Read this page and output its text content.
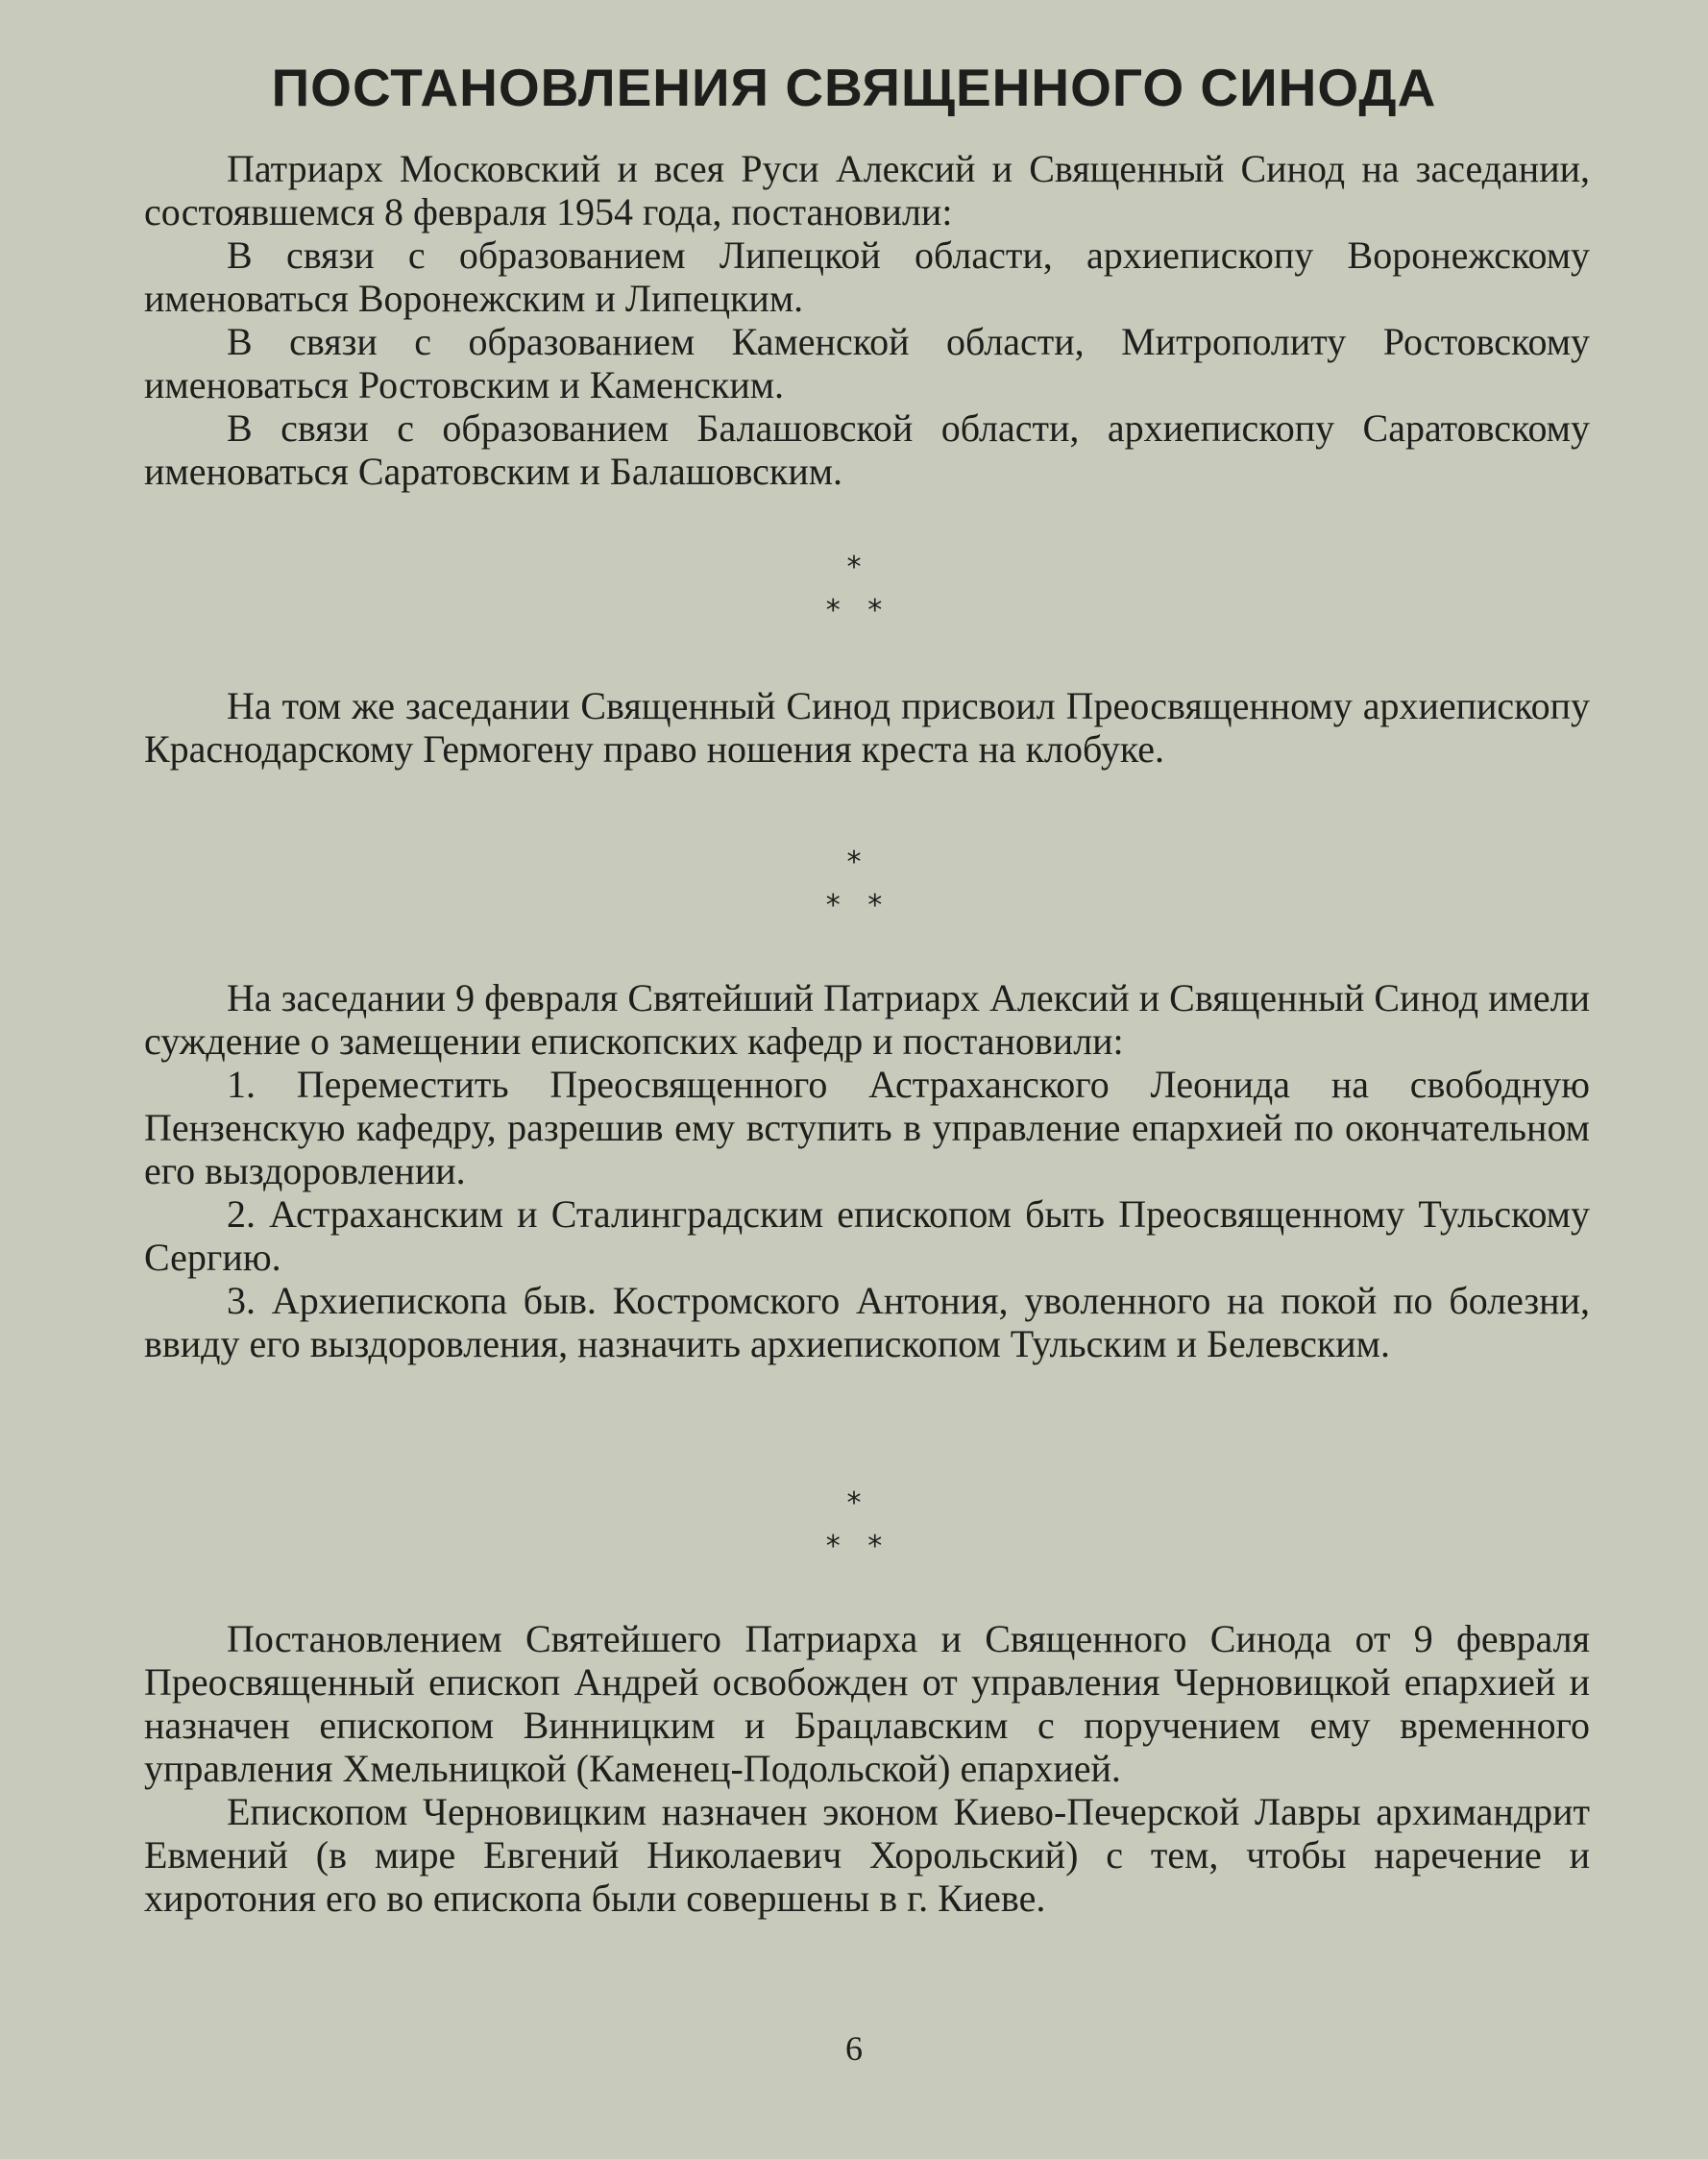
ПОСТАНОВЛЕНИЯ СВЯЩЕННОГО СИНОДА

Патриарх Московский и всея Руси Алексий и Священный Синод на заседании, состоявшемся 8 февраля 1954 года, постановили:

В связи с образованием Липецкой области, архиепископу Воронежскому именоваться Воронежским и Липецким.

В связи с образованием Каменской области, Митрополиту Ростовскому именоваться Ростовским и Каменским.

В связи с образованием Балашовской области, архиепископу Саратовскому именоваться Саратовским и Балашовским.

*
*   *

На том же заседании Священный Синод присвоил Преосвященному архиепископу Краснодарскому Гермогену право ношения креста на клобуке.

*
*   *

На заседании 9 февраля Святейший Патриарх Алексий и Священный Синод имели суждение о замещении епископских кафедр и постановили:

1. Переместить Преосвященного Астраханского Леонида на свободную Пензенскую кафедру, разрешив ему вступить в управление епархией по окончательном его выздоровлении.

2. Астраханским и Сталинградским епископом быть Преосвященному Тульскому Сергию.

3. Архиепископа быв. Костромского Антония, уволенного на покой по болезни, ввиду его выздоровления, назначить архиепископом Тульским и Белевским.

*
*   *

Постановлением Святейшего Патриарха и Священного Синода от 9 февраля Преосвященный епископ Андрей освобожден от управления Черновицкой епархией и назначен епископом Винницким и Брацлавским с поручением ему временного управления Хмельницкой (Каменец-Подольской) епархией.

Епископом Черновицким назначен эконом Киево-Печерской Лавры архимандрит Евмений (в мире Евгений Николаевич Хорольский) с тем, чтобы наречение и хиротония его во епископа были совершены в г. Киеве.

6
